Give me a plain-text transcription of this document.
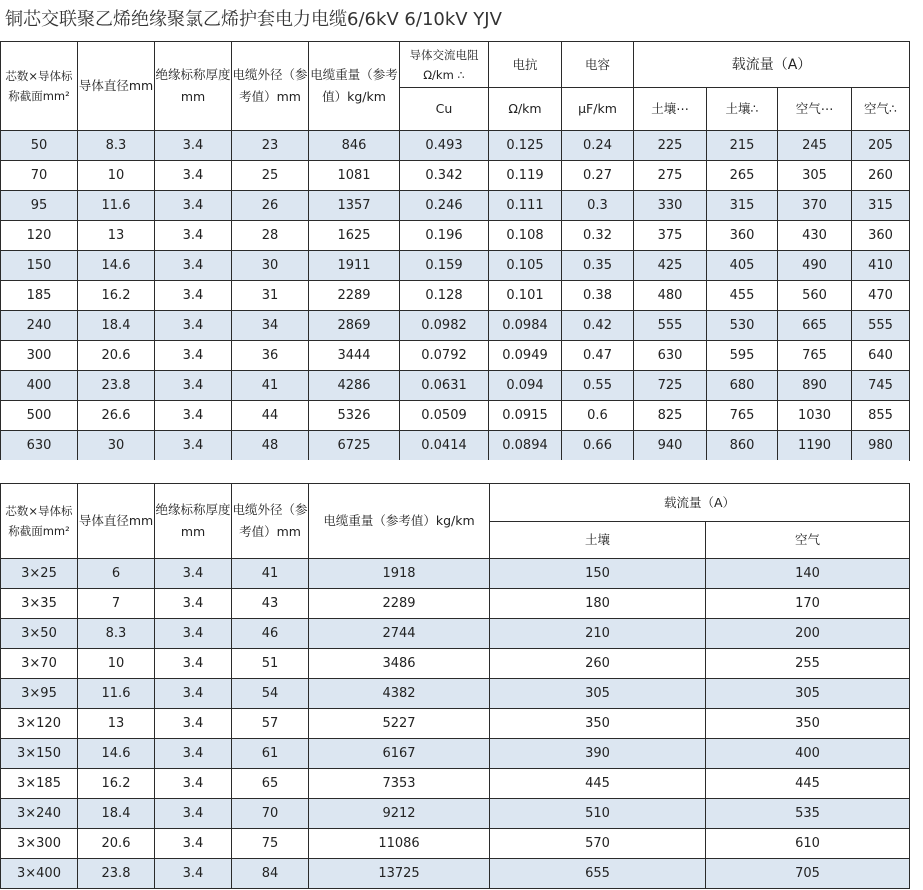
铜芯交联聚乙烯绝缘聚氯乙烯护套电力电缆6/6kV 6/10kV YJV
芯数×导体标称截面mm²	导体直径mm	绝缘标称厚度mm	电缆外径（参考值）mm	电缆重量（参考值）kg/km	导体交流电阻Ω/km ∴	电抗	电容	载流量（A）			
					Cu	Ω/km	μF/km	土壤⋯	土壤∴	空气⋯	空气∴
50	8.3	3.4	23	846	0.493	0.125	0.24	225	215	245	205
70	10	3.4	25	1081	0.342	0.119	0.27	275	265	305	260
95	11.6	3.4	26	1357	0.246	0.111	0.3	330	315	370	315
120	13	3.4	28	1625	0.196	0.108	0.32	375	360	430	360
150	14.6	3.4	30	1911	0.159	0.105	0.35	425	405	490	410
185	16.2	3.4	31	2289	0.128	0.101	0.38	480	455	560	470
240	18.4	3.4	34	2869	0.0982	0.0984	0.42	555	530	665	555
300	20.6	3.4	36	3444	0.0792	0.0949	0.47	630	595	765	640
400	23.8	3.4	41	4286	0.0631	0.094	0.55	725	680	890	745
500	26.6	3.4	44	5326	0.0509	0.0915	0.6	825	765	1030	855
630	30	3.4	48	6725	0.0414	0.0894	0.66	940	860	1190	980
芯数×导体标称截面mm²	导体直径mm	绝缘标称厚度mm	电缆外径（参考值）mm	电缆重量（参考值）kg/km	载流量（A）	
					土壤	空气
3×25	6	3.4	41	1918	150	140
3×35	7	3.4	43	2289	180	170
3×50	8.3	3.4	46	2744	210	200
3×70	10	3.4	51	3486	260	255
3×95	11.6	3.4	54	4382	305	305
3×120	13	3.4	57	5227	350	350
3×150	14.6	3.4	61	6167	390	400
3×185	16.2	3.4	65	7353	445	445
3×240	18.4	3.4	70	9212	510	535
3×300	20.6	3.4	75	11086	570	610
3×400	23.8	3.4	84	13725	655	705
